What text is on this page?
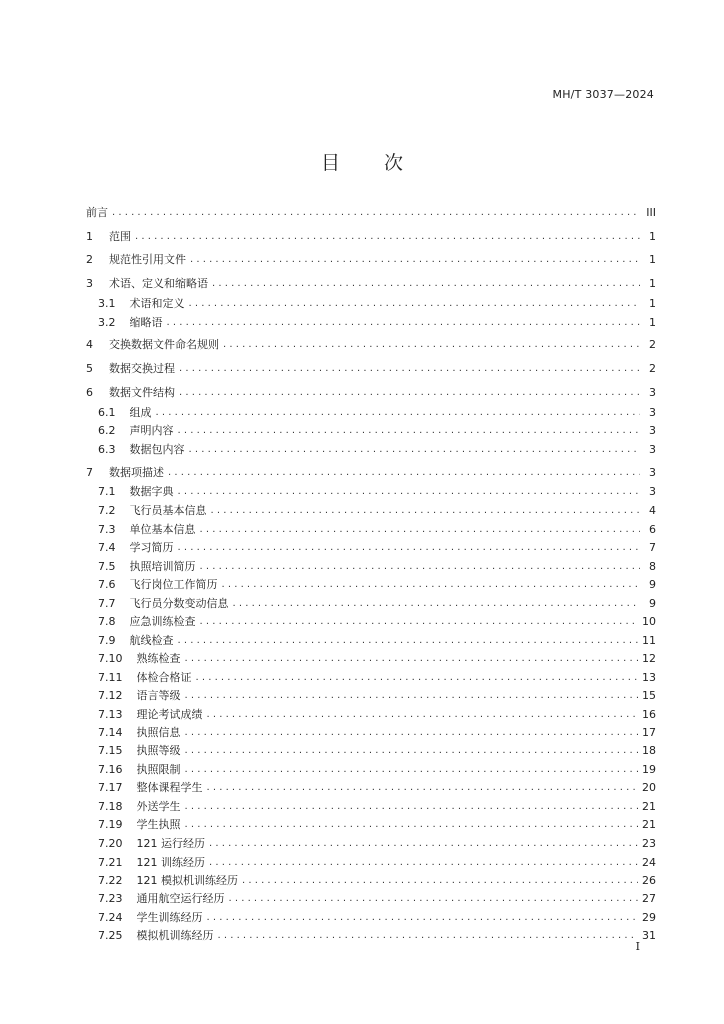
MH/T 3037—2024
目 次
前言 . . .	III
1 范围 . . .	1
2 规范性引用文件 . . .	1
3 术语、定义和缩略语 . . .	1
3.1 术语和定义 . . .	1
3.2 缩略语 . . .	1
4 交换数据文件命名规则 . . .	2
5 数据交换过程 . . .	2
6 数据文件结构 . . .	3
6.1 组成 . . .	3
6.2 声明内容 . . .	3
6.3 数据包内容 . . .	3
7 数据项描述 . . .	3
7.1 数据字典 . . .	3
7.2 飞行员基本信息 . . .	4
7.3 单位基本信息 . . .	6
7.4 学习简历 . . .	7
7.5 执照培训简历 . . .	8
7.6 飞行岗位工作简历 . . .	9
7.7 飞行员分数变动信息 . . .	9
7.8 应急训练检查 . . .	10
7.9 航线检查 . . .	11
7.10 熟练检查 . . .	12
7.11 体检合格证 . . .	13
7.12 语言等级 . . .	15
7.13 理论考试成绩 . . .	16
7.14 执照信息 . . .	17
7.15 执照等级 . . .	18
7.16 执照限制 . . .	19
7.17 整体课程学生 . . .	20
7.18 外送学生 . . .	21
7.19 学生执照 . . .	21
7.20 121 运行经历 . . .	23
7.21 121 训练经历 . . .	24
7.22 121 模拟机训练经历 . . .	26
7.23 通用航空运行经历 . . .	27
7.24 学生训练经历 . . .	29
7.25 模拟机训练经历 . . .	31
I
